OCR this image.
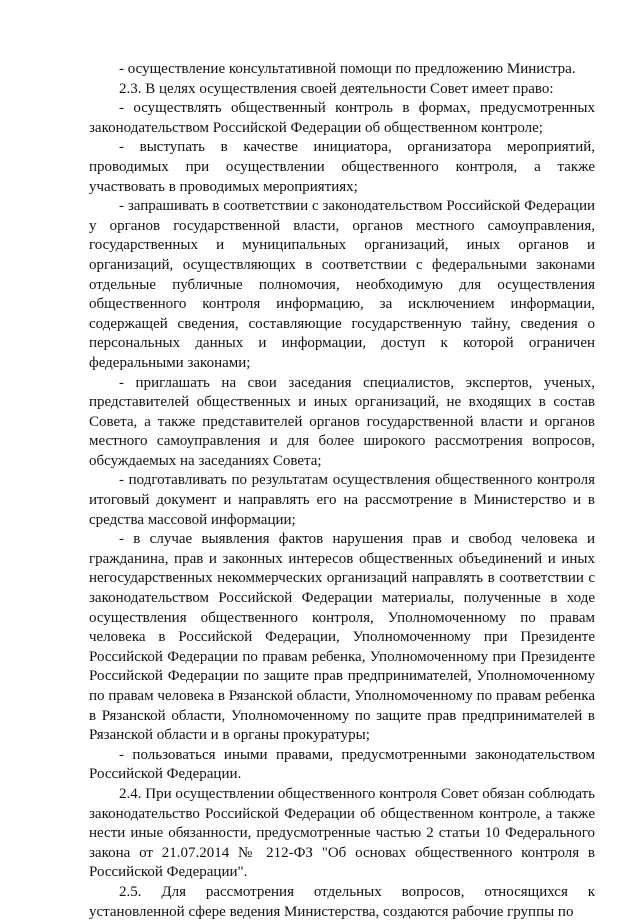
- осуществление консультативной помощи по предложению Министра.

2.3. В целях осуществления своей деятельности Совет имеет право:

- осуществлять общественный контроль в формах, предусмотренных законодательством Российской Федерации об общественном контроле;

- выступать в качестве инициатора, организатора мероприятий, проводимых при осуществлении общественного контроля, а также участвовать в проводимых мероприятиях;

- запрашивать в соответствии с законодательством Российской Федерации у органов государственной власти, органов местного самоуправления, государственных и муниципальных организаций, иных органов и организаций, осуществляющих в соответствии с федеральными законами отдельные публичные полномочия, необходимую для осуществления общественного контроля информацию, за исключением информации, содержащей сведения, составляющие государственную тайну, сведения о персональных данных и информации, доступ к которой ограничен федеральными законами;

- приглашать на свои заседания специалистов, экспертов, ученых, представителей общественных и иных организаций, не входящих в состав Совета, а также представителей органов государственной власти и органов местного самоуправления и для более широкого рассмотрения вопросов, обсуждаемых на заседаниях Совета;

- подготавливать по результатам осуществления общественного контроля итоговый документ и направлять его на рассмотрение в Министерство и в средства массовой информации;

- в случае выявления фактов нарушения прав и свобод человека и гражданина, прав и законных интересов общественных объединений и иных негосударственных некоммерческих организаций направлять в соответствии с законодательством Российской Федерации материалы, полученные в ходе осуществления общественного контроля, Уполномоченному по правам человека в Российской Федерации, Уполномоченному при Президенте Российской Федерации по правам ребенка, Уполномоченному при Президенте Российской Федерации по защите прав предпринимателей, Уполномоченному по правам человека в Рязанской области, Уполномоченному по правам ребенка в Рязанской области, Уполномоченному по защите прав предпринимателей в Рязанской области и в органы прокуратуры;

- пользоваться иными правами, предусмотренными законодательством Российской Федерации.

2.4. При осуществлении общественного контроля Совет обязан соблюдать законодательство Российской Федерации об общественном контроле, а также нести иные обязанности, предусмотренные частью 2 статьи 10 Федерального закона от 21.07.2014 № 212-ФЗ "Об основах общественного контроля в Российской Федерации".

2.5. Для рассмотрения отдельных вопросов, относящихся к установленной сфере ведения Министерства, создаются рабочие группы по
